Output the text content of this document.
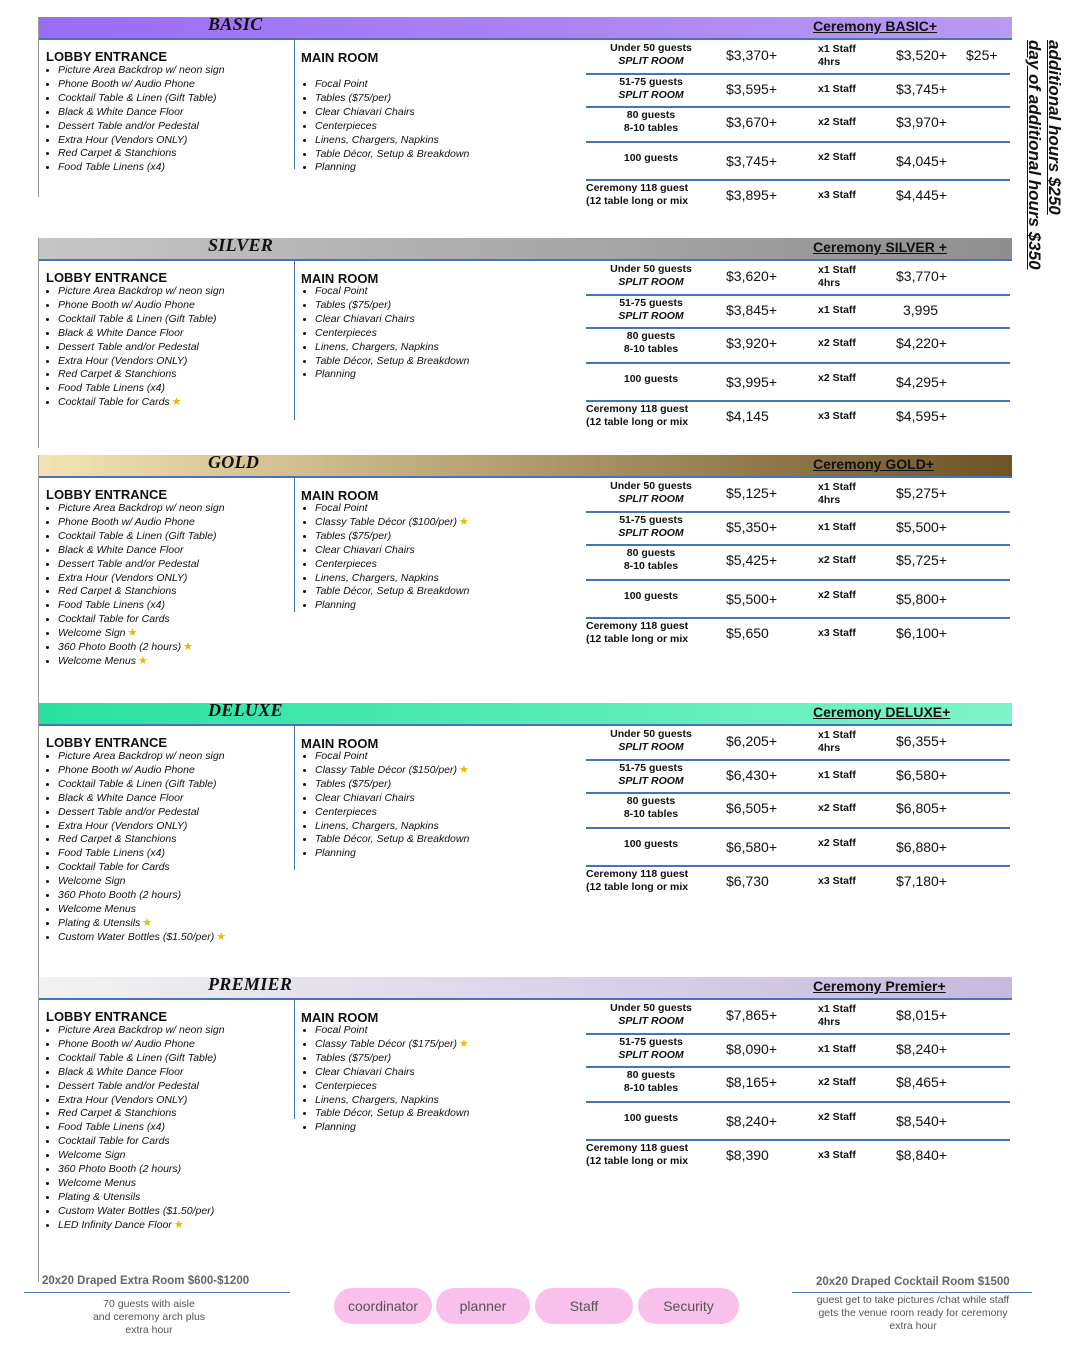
BASIC	Ceremony BASIC+
LOBBY ENTRANCE
• Picture Area Backdrop w/ neon sign
• Phone Booth w/ Audio Phone
• Cocktail Table & Linen (Gift Table)
• Black & White Dance Floor
• Dessert Table and/or Pedestal
• Extra Hour (Vendors ONLY)
• Red Carpet & Stanchions
• Food Table Linens (x4)
MAIN ROOM
• Focal Point
• Tables ($75/per)
• Clear Chiavari Chairs
• Centerpieces
• Linens, Chargers, Napkins
• Table Décor, Setup & Breakdown
• Planning
Under 50 guests
SPLIT ROOM	$3,370+	x1 Staff
4hrs	$3,520+ $25+
51-75 guests
SPLIT ROOM	$3,595+	x1 Staff	$3,745+
80 guests
8-10 tables	$3,670+	x2 Staff	$3,970+
100 guests	$3,745+	x2 Staff	$4,045+
Ceremony 118 guest
(12 table long or mix	$3,895+	x3 Staff	$4,445+
SILVER	Ceremony SILVER +
LOBBY ENTRANCE
• Picture Area Backdrop w/ neon sign
• Phone Booth w/ Audio Phone
• Cocktail Table & Linen (Gift Table)
• Black & White Dance Floor
• Dessert Table and/or Pedestal
• Extra Hour (Vendors ONLY)
• Red Carpet & Stanchions
• Food Table Linens (x4)
• Cocktail Table for Cards ★
MAIN ROOM
• Focal Point
• Tables ($75/per)
• Clear Chiavari Chairs
• Centerpieces
• Linens, Chargers, Napkins
• Table Décor, Setup & Breakdown
• Planning
Under 50 guests
SPLIT ROOM	$3,620+	x1 Staff
4hrs	$3,770+
51-75 guests
SPLIT ROOM	$3,845+	x1 Staff	3,995
80 guests
8-10 tables	$3,920+	x2 Staff	$4,220+
100 guests	$3,995+	x2 Staff	$4,295+
Ceremony 118 guest
(12 table long or mix	$4,145	x3 Staff	$4,595+
GOLD	Ceremony GOLD+
LOBBY ENTRANCE
• Picture Area Backdrop w/ neon sign
• Phone Booth w/ Audio Phone
• Cocktail Table & Linen (Gift Table)
• Black & White Dance Floor
• Dessert Table and/or Pedestal
• Extra Hour (Vendors ONLY)
• Red Carpet & Stanchions
• Food Table Linens (x4)
• Cocktail Table for Cards
• Welcome Sign ★
• 360 Photo Booth (2 hours) ★
• Welcome Menus ★
MAIN ROOM
• Focal Point
• Classy Table Décor ($100/per) ★
• Tables ($75/per)
• Clear Chiavari Chairs
• Centerpieces
• Linens, Chargers, Napkins
• Table Décor, Setup & Breakdown
• Planning
Under 50 guests
SPLIT ROOM	$5,125+	x1 Staff
4hrs	$5,275+
51-75 guests
SPLIT ROOM	$5,350+	x1 Staff	$5,500+
80 guests
8-10 tables	$5,425+	x2 Staff	$5,725+
100 guests	$5,500+	x2 Staff	$5,800+
Ceremony 118 guest
(12 table long or mix	$5,650	x3 Staff	$6,100+
DELUXE	Ceremony DELUXE+
LOBBY ENTRANCE
• Picture Area Backdrop w/ neon sign
• Phone Booth w/ Audio Phone
• Cocktail Table & Linen (Gift Table)
• Black & White Dance Floor
• Dessert Table and/or Pedestal
• Extra Hour (Vendors ONLY)
• Red Carpet & Stanchions
• Food Table Linens (x4)
• Cocktail Table for Cards
• Welcome Sign
• 360 Photo Booth (2 hours)
• Welcome Menus
• Plating & Utensils ★
• Custom Water Bottles ($1.50/per) ★
MAIN ROOM
• Focal Point
• Classy Table Décor ($150/per) ★
• Tables ($75/per)
• Clear Chiavari Chairs
• Centerpieces
• Linens, Chargers, Napkins
• Table Décor, Setup & Breakdown
• Planning
Under 50 guests
SPLIT ROOM	$6,205+	x1 Staff
4hrs	$6,355+
51-75 guests
SPLIT ROOM	$6,430+	x1 Staff	$6,580+
80 guests
8-10 tables	$6,505+	x2 Staff	$6,805+
100 guests	$6,580+	x2 Staff	$6,880+
Ceremony 118 guest
(12 table long or mix	$6,730	x3 Staff	$7,180+
PREMIER	Ceremony Premier+
LOBBY ENTRANCE
• Picture Area Backdrop w/ neon sign
• Phone Booth w/ Audio Phone
• Cocktail Table & Linen (Gift Table)
• Black & White Dance Floor
• Dessert Table and/or Pedestal
• Extra Hour (Vendors ONLY)
• Red Carpet & Stanchions
• Food Table Linens (x4)
• Cocktail Table for Cards
• Welcome Sign
• 360 Photo Booth (2 hours)
• Welcome Menus
• Plating & Utensils
• Custom Water Bottles ($1.50/per)
• LED Infinity Dance Floor ★
MAIN ROOM
• Focal Point
• Classy Table Décor ($175/per) ★
• Tables ($75/per)
• Clear Chiavari Chairs
• Centerpieces
• Linens, Chargers, Napkins
• Table Décor, Setup & Breakdown
• Planning
Under 50 guests
SPLIT ROOM	$7,865+	x1 Staff
4hrs	$8,015+
51-75 guests
SPLIT ROOM	$8,090+	x1 Staff	$8,240+
80 guests
8-10 tables	$8,165+	x2 Staff	$8,465+
100 guests	$8,240+	x2 Staff	$8,540+
Ceremony 118 guest
(12 table long or mix	$8,390	x3 Staff	$8,840+
additional hours $250
day of additional hours $350
20x20 Draped Extra Room $600-$1200
70 guests with aisle
and ceremony arch plus
extra hour
coordinator	planner	Staff	Security
20x20 Draped Cocktail Room $1500
guest get to take pictures /chat while staff
gets the venue room ready for ceremony
extra hour
